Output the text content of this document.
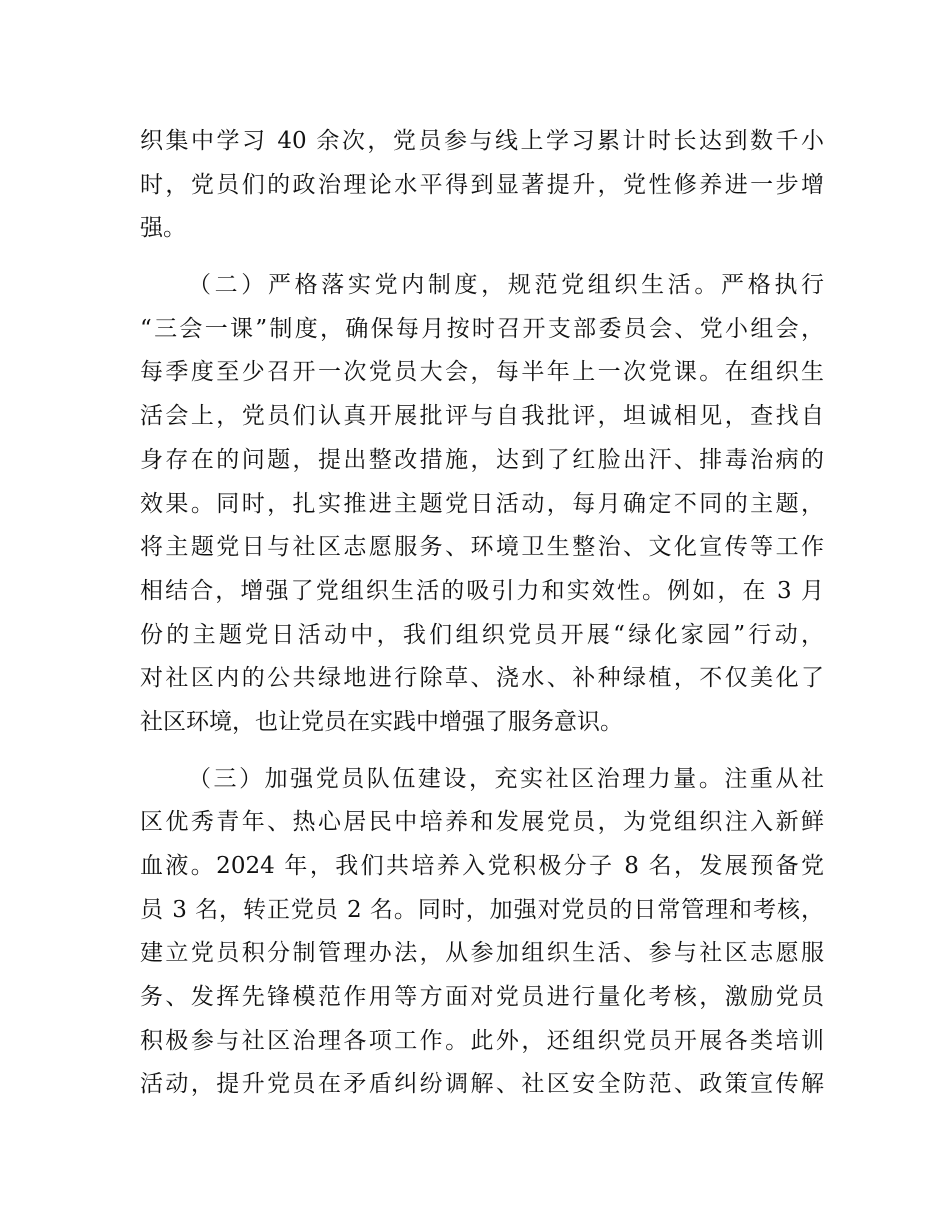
织集中学习 40 余次，党员参与线上学习累计时长达到数千小
时，党员们的政治理论水平得到显著提升，党性修养进一步增
强。
（二）严格落实党内制度，规范党组织生活。严格执行
“三会一课”制度，确保每月按时召开支部委员会、党小组会，
每季度至少召开一次党员大会，每半年上一次党课。在组织生
活会上，党员们认真开展批评与自我批评，坦诚相见，查找自
身存在的问题，提出整改措施，达到了红脸出汗、排毒治病的
效果。同时，扎实推进主题党日活动，每月确定不同的主题，
将主题党日与社区志愿服务、环境卫生整治、文化宣传等工作
相结合，增强了党组织生活的吸引力和实效性。例如，在 3 月
份的主题党日活动中，我们组织党员开展“绿化家园”行动，
对社区内的公共绿地进行除草、浇水、补种绿植，不仅美化了
社区环境，也让党员在实践中增强了服务意识。
（三）加强党员队伍建设，充实社区治理力量。注重从社
区优秀青年、热心居民中培养和发展党员，为党组织注入新鲜
血液。2024 年，我们共培养入党积极分子 8 名，发展预备党
员 3 名，转正党员 2 名。同时，加强对党员的日常管理和考核，
建立党员积分制管理办法，从参加组织生活、参与社区志愿服
务、发挥先锋模范作用等方面对党员进行量化考核，激励党员
积极参与社区治理各项工作。此外，还组织党员开展各类培训
活动，提升党员在矛盾纠纷调解、社区安全防范、政策宣传解
